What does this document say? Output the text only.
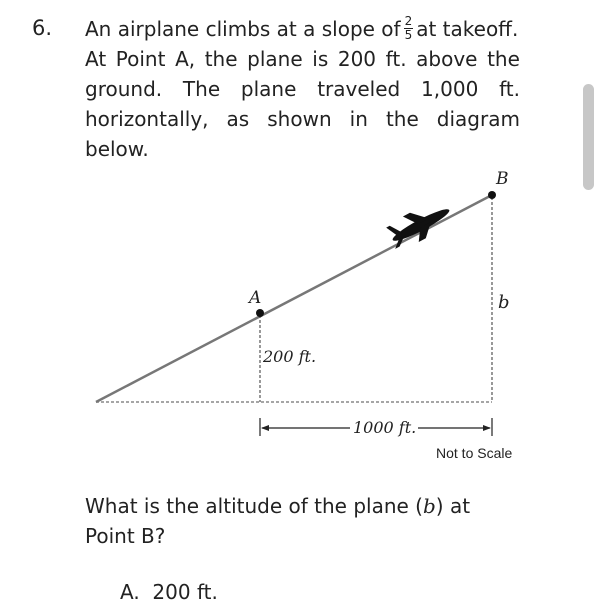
6. An airplane climbs at a slope of $\frac{2}{5}$ at takeoff.
At Point A, the plane is 200 ft. above the
ground. The plane traveled 1,000 ft.
horizontally, as shown in the diagram
below.
A
B
b
200 ft.
1000 ft.
Not to Scale
What is the altitude of the plane (b) at
Point B?
A. 200 ft.
